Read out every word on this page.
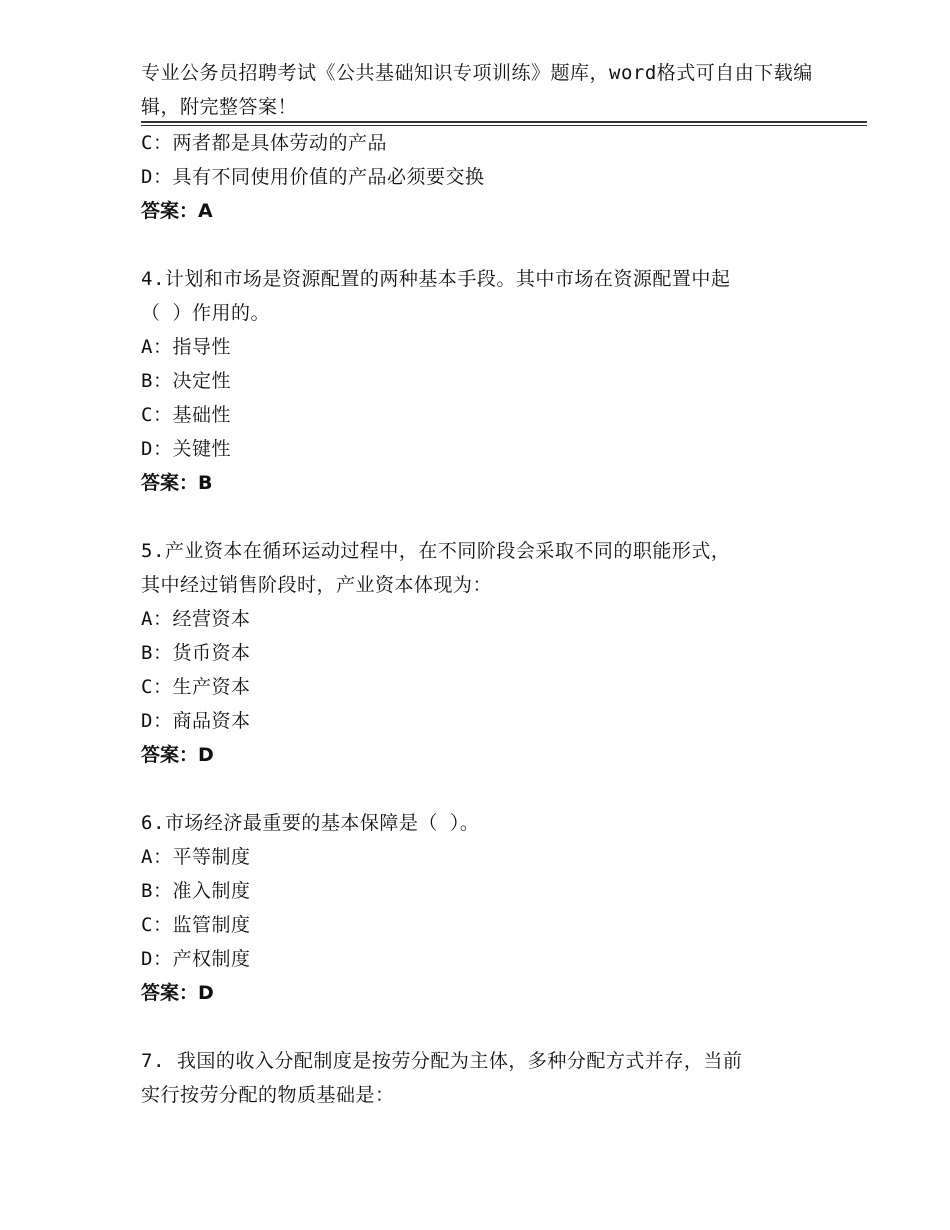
专业公务员招聘考试《公共基础知识专项训练》题库，word格式可自由下载编
辑，附完整答案！
C：两者都是具体劳动的产品
D：具有不同使用价值的产品必须要交换
答案：A
4.计划和市场是资源配置的两种基本手段。其中市场在资源配置中起
（ ）作用的。
A：指导性
B：决定性
C：基础性
D：关键性
答案：B
5.产业资本在循环运动过程中，在不同阶段会采取不同的职能形式，
其中经过销售阶段时，产业资本体现为：
A：经营资本
B：货币资本
C：生产资本
D：商品资本
答案：D
6.市场经济最重要的基本保障是（ ）。
A：平等制度
B：准入制度
C：监管制度
D：产权制度
答案：D
7. 我国的收入分配制度是按劳分配为主体，多种分配方式并存，当前
实行按劳分配的物质基础是：
